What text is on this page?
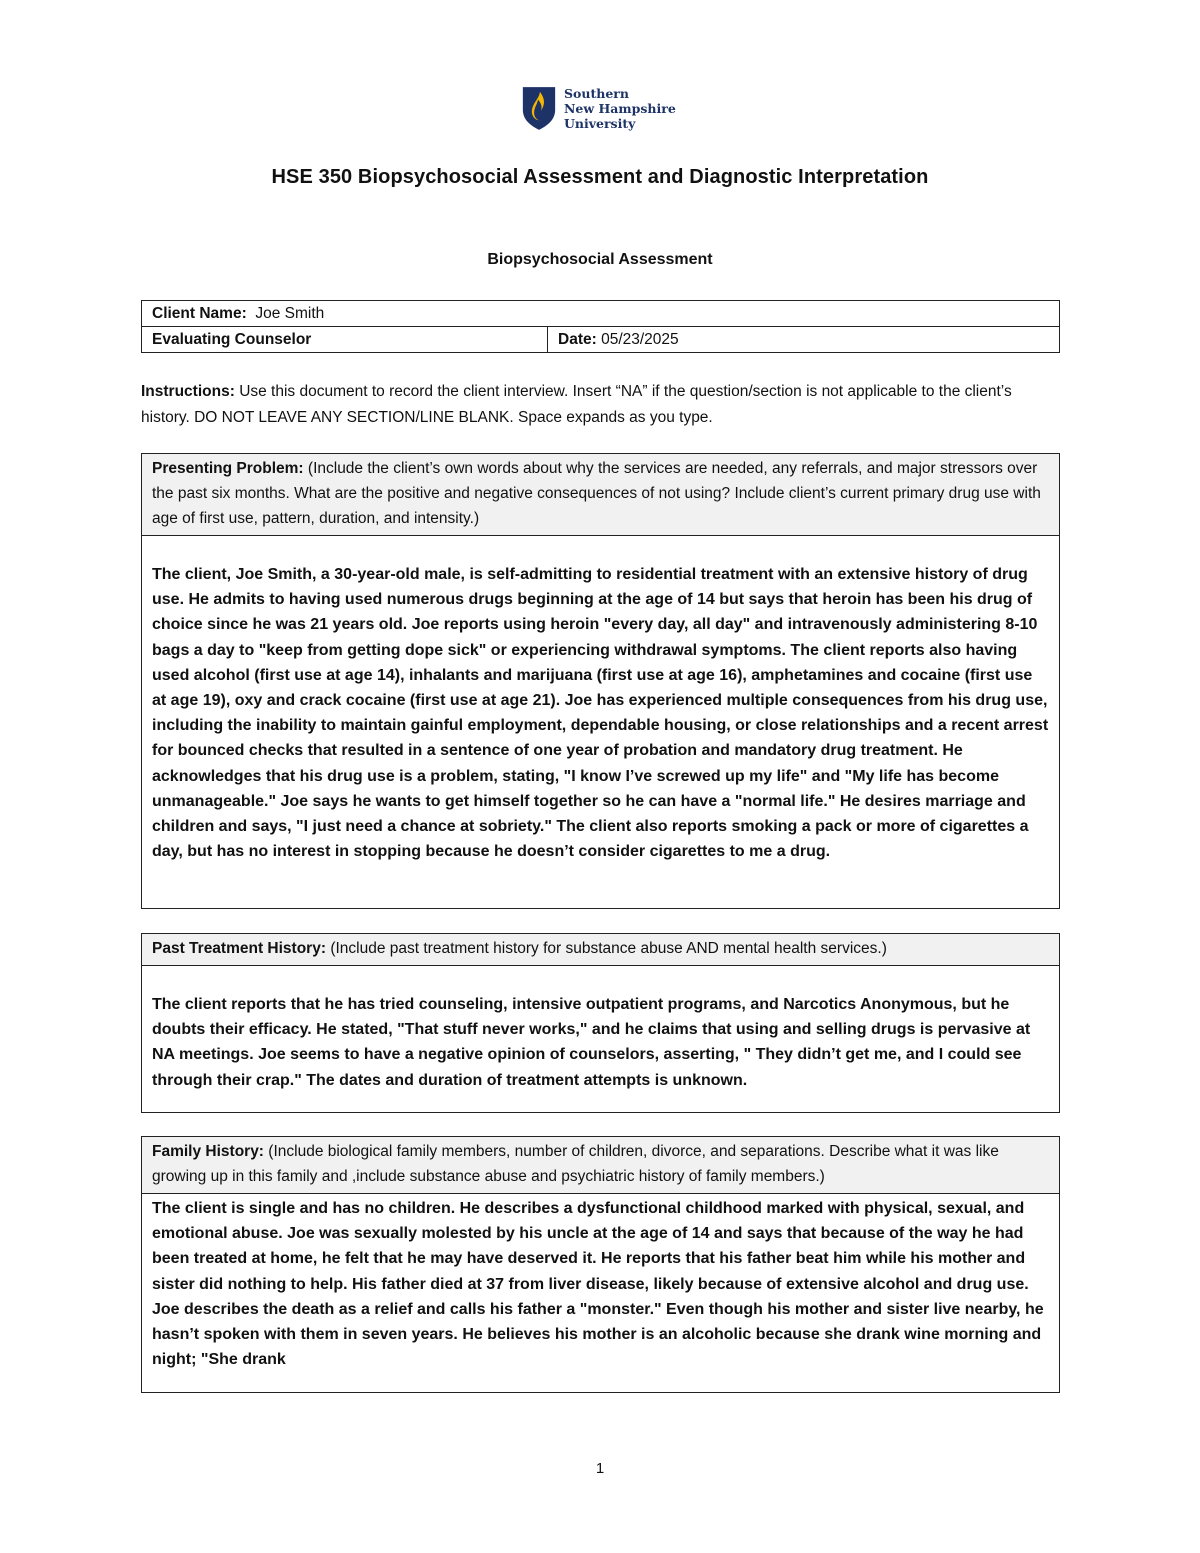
Southern
New Hampshire
University
HSE 350 Biopsychosocial Assessment and Diagnostic Interpretation
Biopsychosocial Assessment
Client Name: Joe Smith
Evaluating Counselor	Date: 05/23/2025
Instructions: Use this document to record the client interview. Insert “NA” if the question/section is not applicable to the client’s history. DO NOT LEAVE ANY SECTION/LINE BLANK. Space expands as you type.
Presenting Problem: (Include the client’s own words about why the services are needed, any referrals, and major stressors over the past six months. What are the positive and negative consequences of not using? Include client’s current primary drug use with age of first use, pattern, duration, and intensity.)
The client, Joe Smith, a 30-year-old male, is self-admitting to residential treatment with an extensive history of drug use. He admits to having used numerous drugs beginning at the age of 14 but says that heroin has been his drug of choice since he was 21 years old. Joe reports using heroin "every day, all day" and intravenously administering 8-10 bags a day to "keep from getting dope sick" or experiencing withdrawal symptoms. The client reports also having used alcohol (first use at age 14), inhalants and marijuana (first use at age 16), amphetamines and cocaine (first use at age 19), oxy and crack cocaine (first use at age 21). Joe has experienced multiple consequences from his drug use, including the inability to maintain gainful employment, dependable housing, or close relationships and a recent arrest for bounced checks that resulted in a sentence of one year of probation and mandatory drug treatment. He acknowledges that his drug use is a problem, stating, "I know I’ve screwed up my life" and "My life has become unmanageable." Joe says he wants to get himself together so he can have a "normal life." He desires marriage and children and says, "I just need a chance at sobriety." The client also reports smoking a pack or more of cigarettes a day, but has no interest in stopping because he doesn’t consider cigarettes to me a drug.
Past Treatment History: (Include past treatment history for substance abuse AND mental health services.)
The client reports that he has tried counseling, intensive outpatient programs, and Narcotics Anonymous, but he doubts their efficacy. He stated, "That stuff never works," and he claims that using and selling drugs is pervasive at NA meetings. Joe seems to have a negative opinion of counselors, asserting, " They didn’t get me, and I could see through their crap." The dates and duration of treatment attempts is unknown.
Family History: (Include biological family members, number of children, divorce, and separations. Describe what it was like growing up in this family and ,include substance abuse and psychiatric history of family members.)
The client is single and has no children. He describes a dysfunctional childhood marked with physical, sexual, and emotional abuse. Joe was sexually molested by his uncle at the age of 14 and says that because of the way he had been treated at home, he felt that he may have deserved it. He reports that his father beat him while his mother and sister did nothing to help. His father died at 37 from liver disease, likely because of extensive alcohol and drug use. Joe describes the death as a relief and calls his father a "monster." Even though his mother and sister live nearby, he hasn’t spoken with them in seven years. He believes his mother is an alcoholic because she drank wine morning and night; "She drank
1
